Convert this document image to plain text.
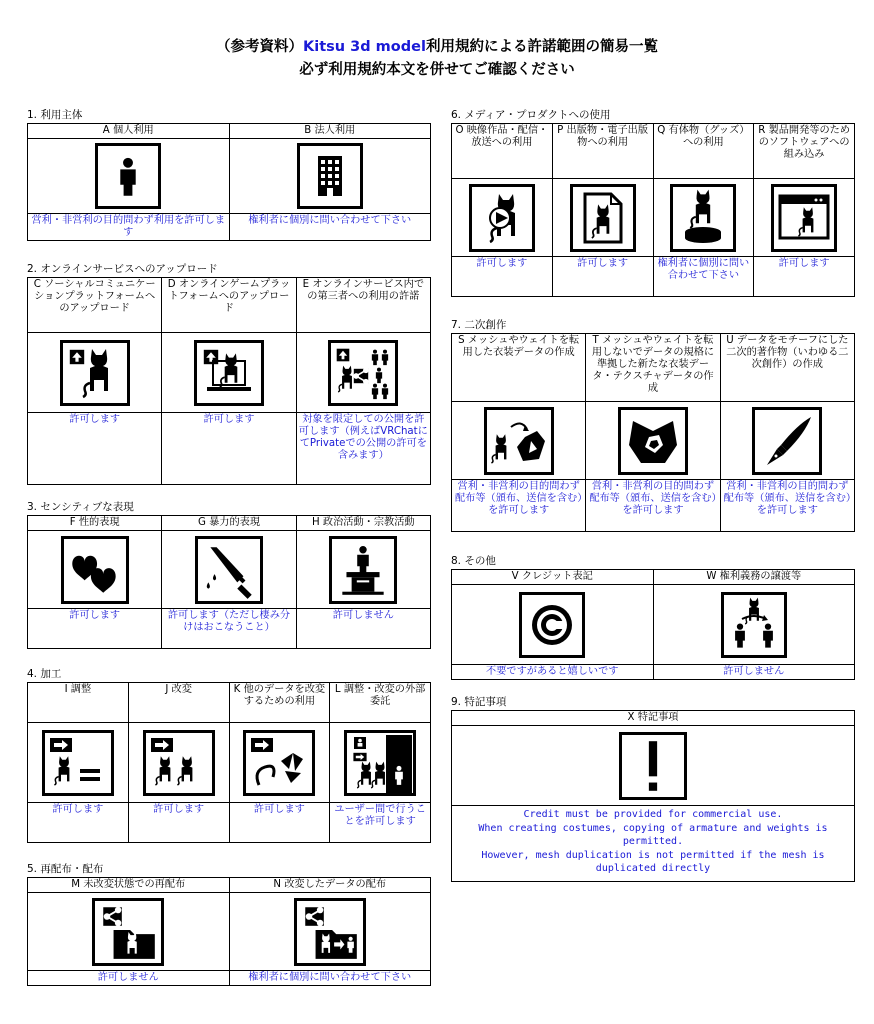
（参考資料）Kitsu 3d model利用規約による許諾範囲の簡易一覧
必ず利用規約本文を併せてご確認ください
1. 利用主体
A 個人利用	B 法人利用

営利・非営利の目的問わず利用を許可します	権利者に個別に問い合わせて下さい
2. オンラインサービスへのアップロード
C ソーシャルコミュニケーションプラットフォームへのアップロード	D オンラインゲームプラットフォームへのアップロード	E オンラインサービス内での第三者への利用の許諾

許可します	許可します	対象を限定しての公開を許可します（例えばVRChatにてPrivateでの公開の許可を含みます）
3. センシティブな表現
F 性的表現	G 暴力的表現	H 政治活動・宗教活動

許可します	許可します（ただし棲み分けはおこなうこと）	許可しません
4. 加工
I 調整	J 改変	K 他のデータを改変するための利用	L 調整・改変の外部委託

許可します	許可します	許可します	ユーザー間で行うことを許可します
5. 再配布・配布
M 未改変状態での再配布	N 改変したデータの配布

許可しません	権利者に個別に問い合わせて下さい
6. メディア・プロダクトへの使用
O 映像作品・配信・放送への利用	P 出版物・電子出版物への利用	Q 有体物（グッズ）への利用	R 製品開発等のためのソフトウェアへの組み込み

許可します	許可します	権利者に個別に問い合わせて下さい	許可します
7. 二次創作
S メッシュやウェイトを転用した衣装データの作成	T メッシュやウェイトを転用しないでデータの規格に準拠した新たな衣装データ・テクスチャデータの作成	U データをモチーフにした二次的著作物（いわゆる二次創作）の作成

営利・非営利の目的問わず配布等（頒布、送信を含む）を許可します	営利・非営利の目的問わず配布等（頒布、送信を含む）を許可します	営利・非営利の目的問わず配布等（頒布、送信を含む）を許可します
8. その他
V クレジット表記	W 権利義務の譲渡等

不要ですがあると嬉しいです	許可しません
9. 特記事項
X 特記事項

Credit must be provided for commercial use.
When creating costumes, copying of armature and weights is permitted.
However, mesh duplication is not permitted if the mesh is duplicated directly
